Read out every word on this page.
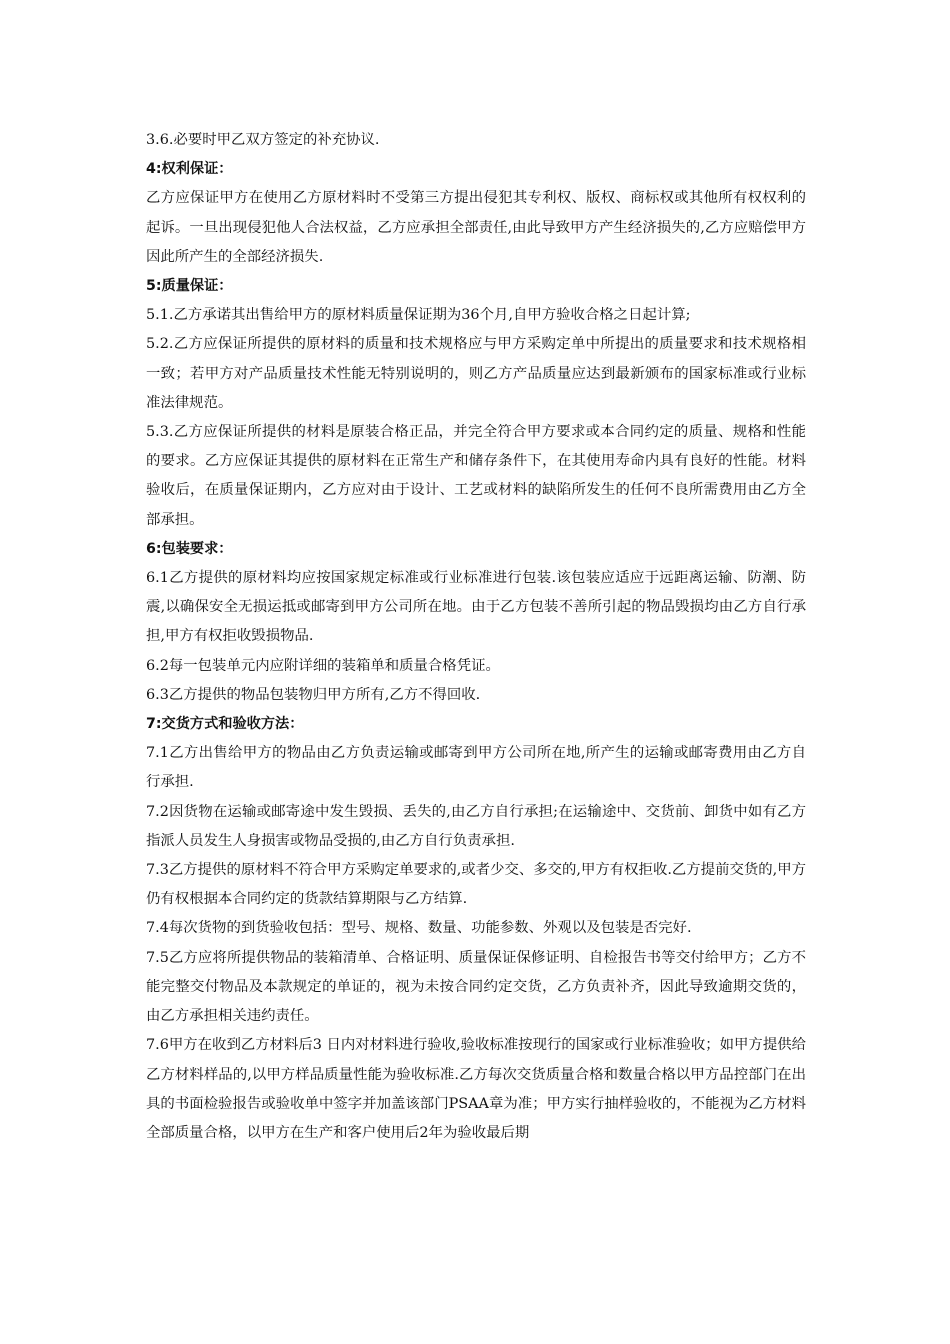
3.6.必要时甲乙双方签定的补充协议.

4:权利保证：

乙方应保证甲方在使用乙方原材料时不受第三方提出侵犯其专利权、版权、商标权或其他所有权权利的起诉。一旦出现侵犯他人合法权益，乙方应承担全部责任,由此导致甲方产生经济损失的,乙方应赔偿甲方因此所产生的全部经济损失.

5:质量保证：

5.1.乙方承诺其出售给甲方的原材料质量保证期为36个月,自甲方验收合格之日起计算;

5.2.乙方应保证所提供的原材料的质量和技术规格应与甲方采购定单中所提出的质量要求和技术规格相一致；若甲方对产品质量技术性能无特别说明的，则乙方产品质量应达到最新颁布的国家标准或行业标准法律规范。

5.3.乙方应保证所提供的材料是原装合格正品，并完全符合甲方要求或本合同约定的质量、规格和性能的要求。乙方应保证其提供的原材料在正常生产和储存条件下，在其使用寿命内具有良好的性能。材料验收后，在质量保证期内，乙方应对由于设计、工艺或材料的缺陷所发生的任何不良所需费用由乙方全部承担。

6:包装要求：

6.1乙方提供的原材料均应按国家规定标准或行业标准进行包装.该包装应适应于远距离运输、防潮、防震,以确保安全无损运抵或邮寄到甲方公司所在地。由于乙方包装不善所引起的物品毁损均由乙方自行承担,甲方有权拒收毁损物品.

6.2每一包装单元内应附详细的装箱单和质量合格凭证。

6.3乙方提供的物品包装物归甲方所有,乙方不得回收.

7:交货方式和验收方法：

7.1乙方出售给甲方的物品由乙方负责运输或邮寄到甲方公司所在地,所产生的运输或邮寄费用由乙方自行承担.

7.2因货物在运输或邮寄途中发生毁损、丢失的,由乙方自行承担;在运输途中、交货前、卸货中如有乙方指派人员发生人身损害或物品受损的,由乙方自行负责承担.

7.3乙方提供的原材料不符合甲方采购定单要求的,或者少交、多交的,甲方有权拒收.乙方提前交货的,甲方仍有权根据本合同约定的货款结算期限与乙方结算.

7.4每次货物的到货验收包括：型号、规格、数量、功能参数、外观以及包装是否完好.

7.5乙方应将所提供物品的装箱清单、合格证明、质量保证保修证明、自检报告书等交付给甲方；乙方不能完整交付物品及本款规定的单证的，视为未按合同约定交货，乙方负责补齐，因此导致逾期交货的，由乙方承担相关违约责任。

7.6甲方在收到乙方材料后3 日内对材料进行验收,验收标准按现行的国家或行业标准验收；如甲方提供给乙方材料样品的,以甲方样品质量性能为验收标准.乙方每次交货质量合格和数量合格以甲方品控部门在出具的书面检验报告或验收单中签字并加盖该部门PSAA章为准；甲方实行抽样验收的，不能视为乙方材料全部质量合格，以甲方在生产和客户使用后2年为验收最后期
